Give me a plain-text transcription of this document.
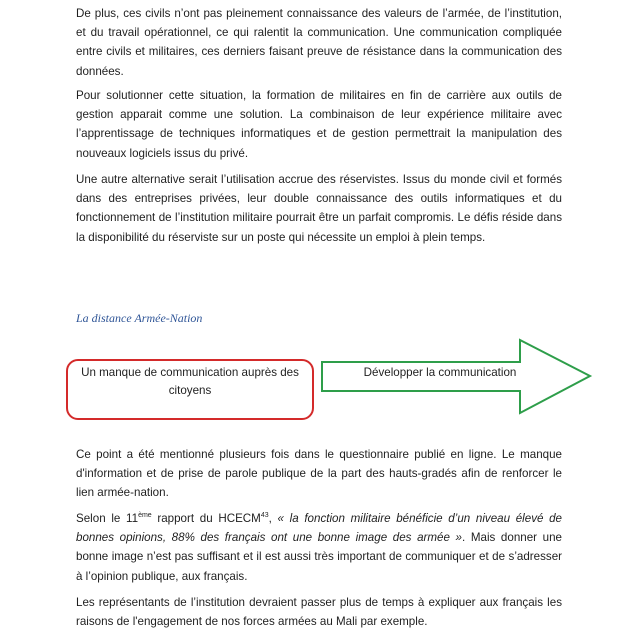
De plus, ces civils n’ont pas pleinement connaissance des valeurs de l’armée, de l’institution, et du travail opérationnel, ce qui ralentit la communication. Une communication compliquée entre civils et militaires, ces derniers faisant preuve de résistance dans la communication des données.

Pour solutionner cette situation, la formation de militaires en fin de carrière aux outils de gestion apparait comme une solution. La combinaison de leur expérience militaire avec l’apprentissage de techniques informatiques et de gestion permettrait la manipulation des nouveaux logiciels issus du privé.

Une autre alternative serait l’utilisation accrue des réservistes. Issus du monde civil et formés dans des entreprises privées, leur double connaissance des outils informatiques et du fonctionnement de l’institution militaire pourrait être un parfait compromis. Le défis réside dans la disponibilité du réserviste sur un poste qui nécessite un emploi à plein temps.

La distance Armée-Nation

Un manque de communication auprès des citoyens
Développer la communication

Ce point a été mentionné plusieurs fois dans le questionnaire publié en ligne. Le manque d'information et de prise de parole publique de la part des hauts-gradés afin de renforcer le lien armée-nation.

Selon le 11ème rapport du HCECM$^{43}$, « la fonction militaire bénéficie d’un niveau élevé de bonnes opinions, 88% des français ont une bonne image des armée ». Mais donner une bonne image n’est pas suffisant et il est aussi très important de communiquer et de s’adresser à l’opinion publique, aux français.

Les représentants de l’institution devraient passer plus de temps à expliquer aux français les raisons de l'engagement de nos forces armées au Mali par exemple.
